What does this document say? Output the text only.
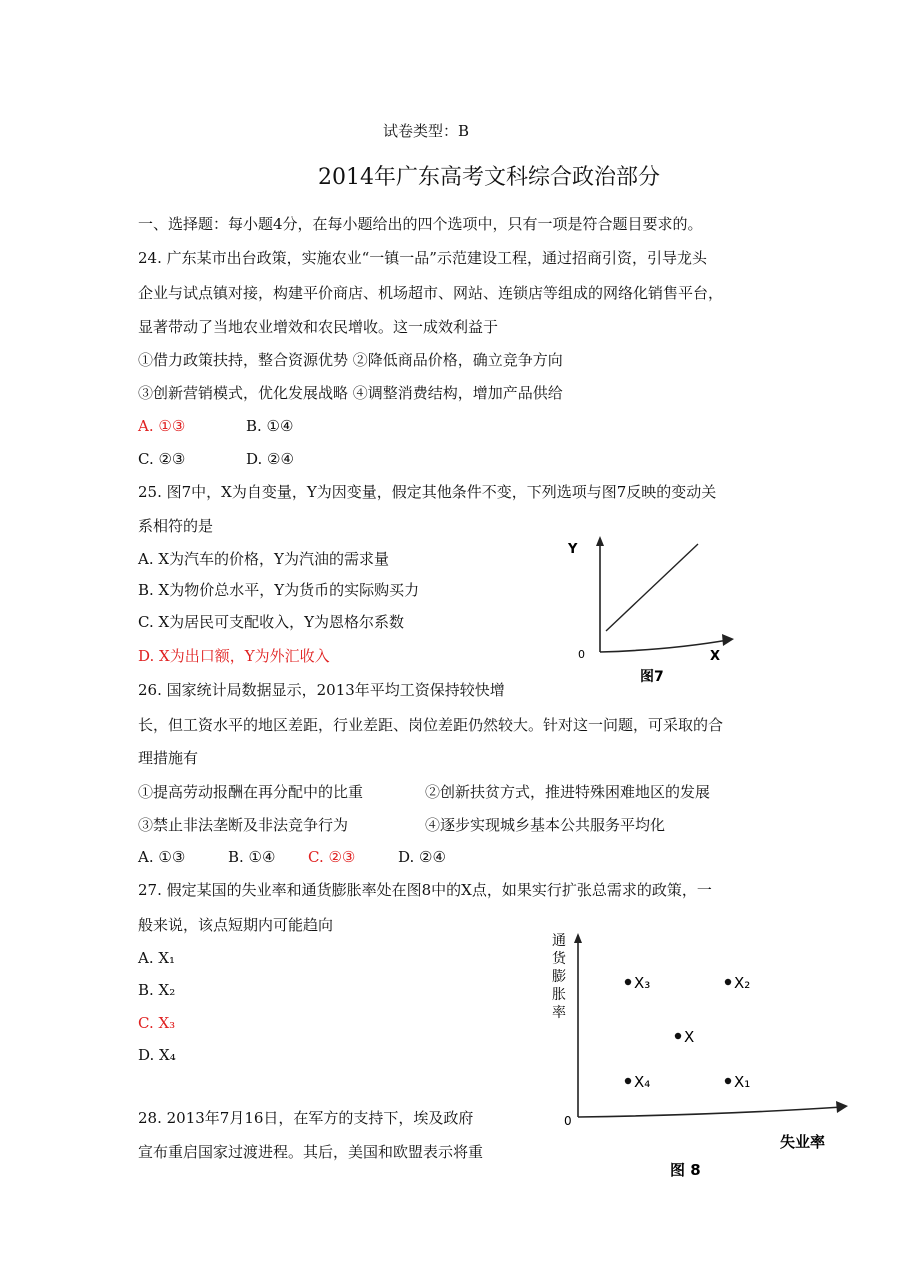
试卷类型：B
2014年广东高考文科综合政治部分
一、选择题：每小题4分，在每小题给出的四个选项中，只有一项是符合题目要求的。
24. 广东某市出台政策，实施农业“一镇一品”示范建设工程，通过招商引资，引导龙头
企业与试点镇对接，构建平价商店、机场超市、网站、连锁店等组成的网络化销售平台，
显著带动了当地农业增效和农民增收。这一成效利益于
①借力政策扶持，整合资源优势 ②降低商品价格，确立竞争方向
③创新营销模式，优化发展战略 ④调整消费结构，增加产品供给
A. ①③	B. ①④
C. ②③	D. ②④
25. 图7中，X为自变量，Y为因变量，假定其他条件不变，下列选项与图7反映的变动关
系相符的是
A. X为汽车的价格，Y为汽油的需求量
B. X为物价总水平，Y为货币的实际购买力
C. X为居民可支配收入，Y为恩格尔系数
D. X为出口额，Y为外汇收入
Y
0	X
图7
26. 国家统计局数据显示，2013年平均工资保持较快增
长，但工资水平的地区差距，行业差距、岗位差距仍然较大。针对这一问题，可采取的合
理措施有
①提高劳动报酬在再分配中的比重	②创新扶贫方式，推进特殊困难地区的发展
③禁止非法垄断及非法竞争行为	④逐步实现城乡基本公共服务平均化
A. ①③	B. ①④ C. ②③	D. ②④
27. 假定某国的失业率和通货膨胀率处在图8中的X点，如果实行扩张总需求的政策，一
般来说，该点短期内可能趋向
A. X₁
B. X₂
C. X₃
D. X₄
0
失业率
图 8
通
货
膨
胀
率
X
X₁
X₂
X₃
X₄
28. 2013年7月16日，在军方的支持下，埃及政府
宣布重启国家过渡进程。其后，美国和欧盟表示将重
